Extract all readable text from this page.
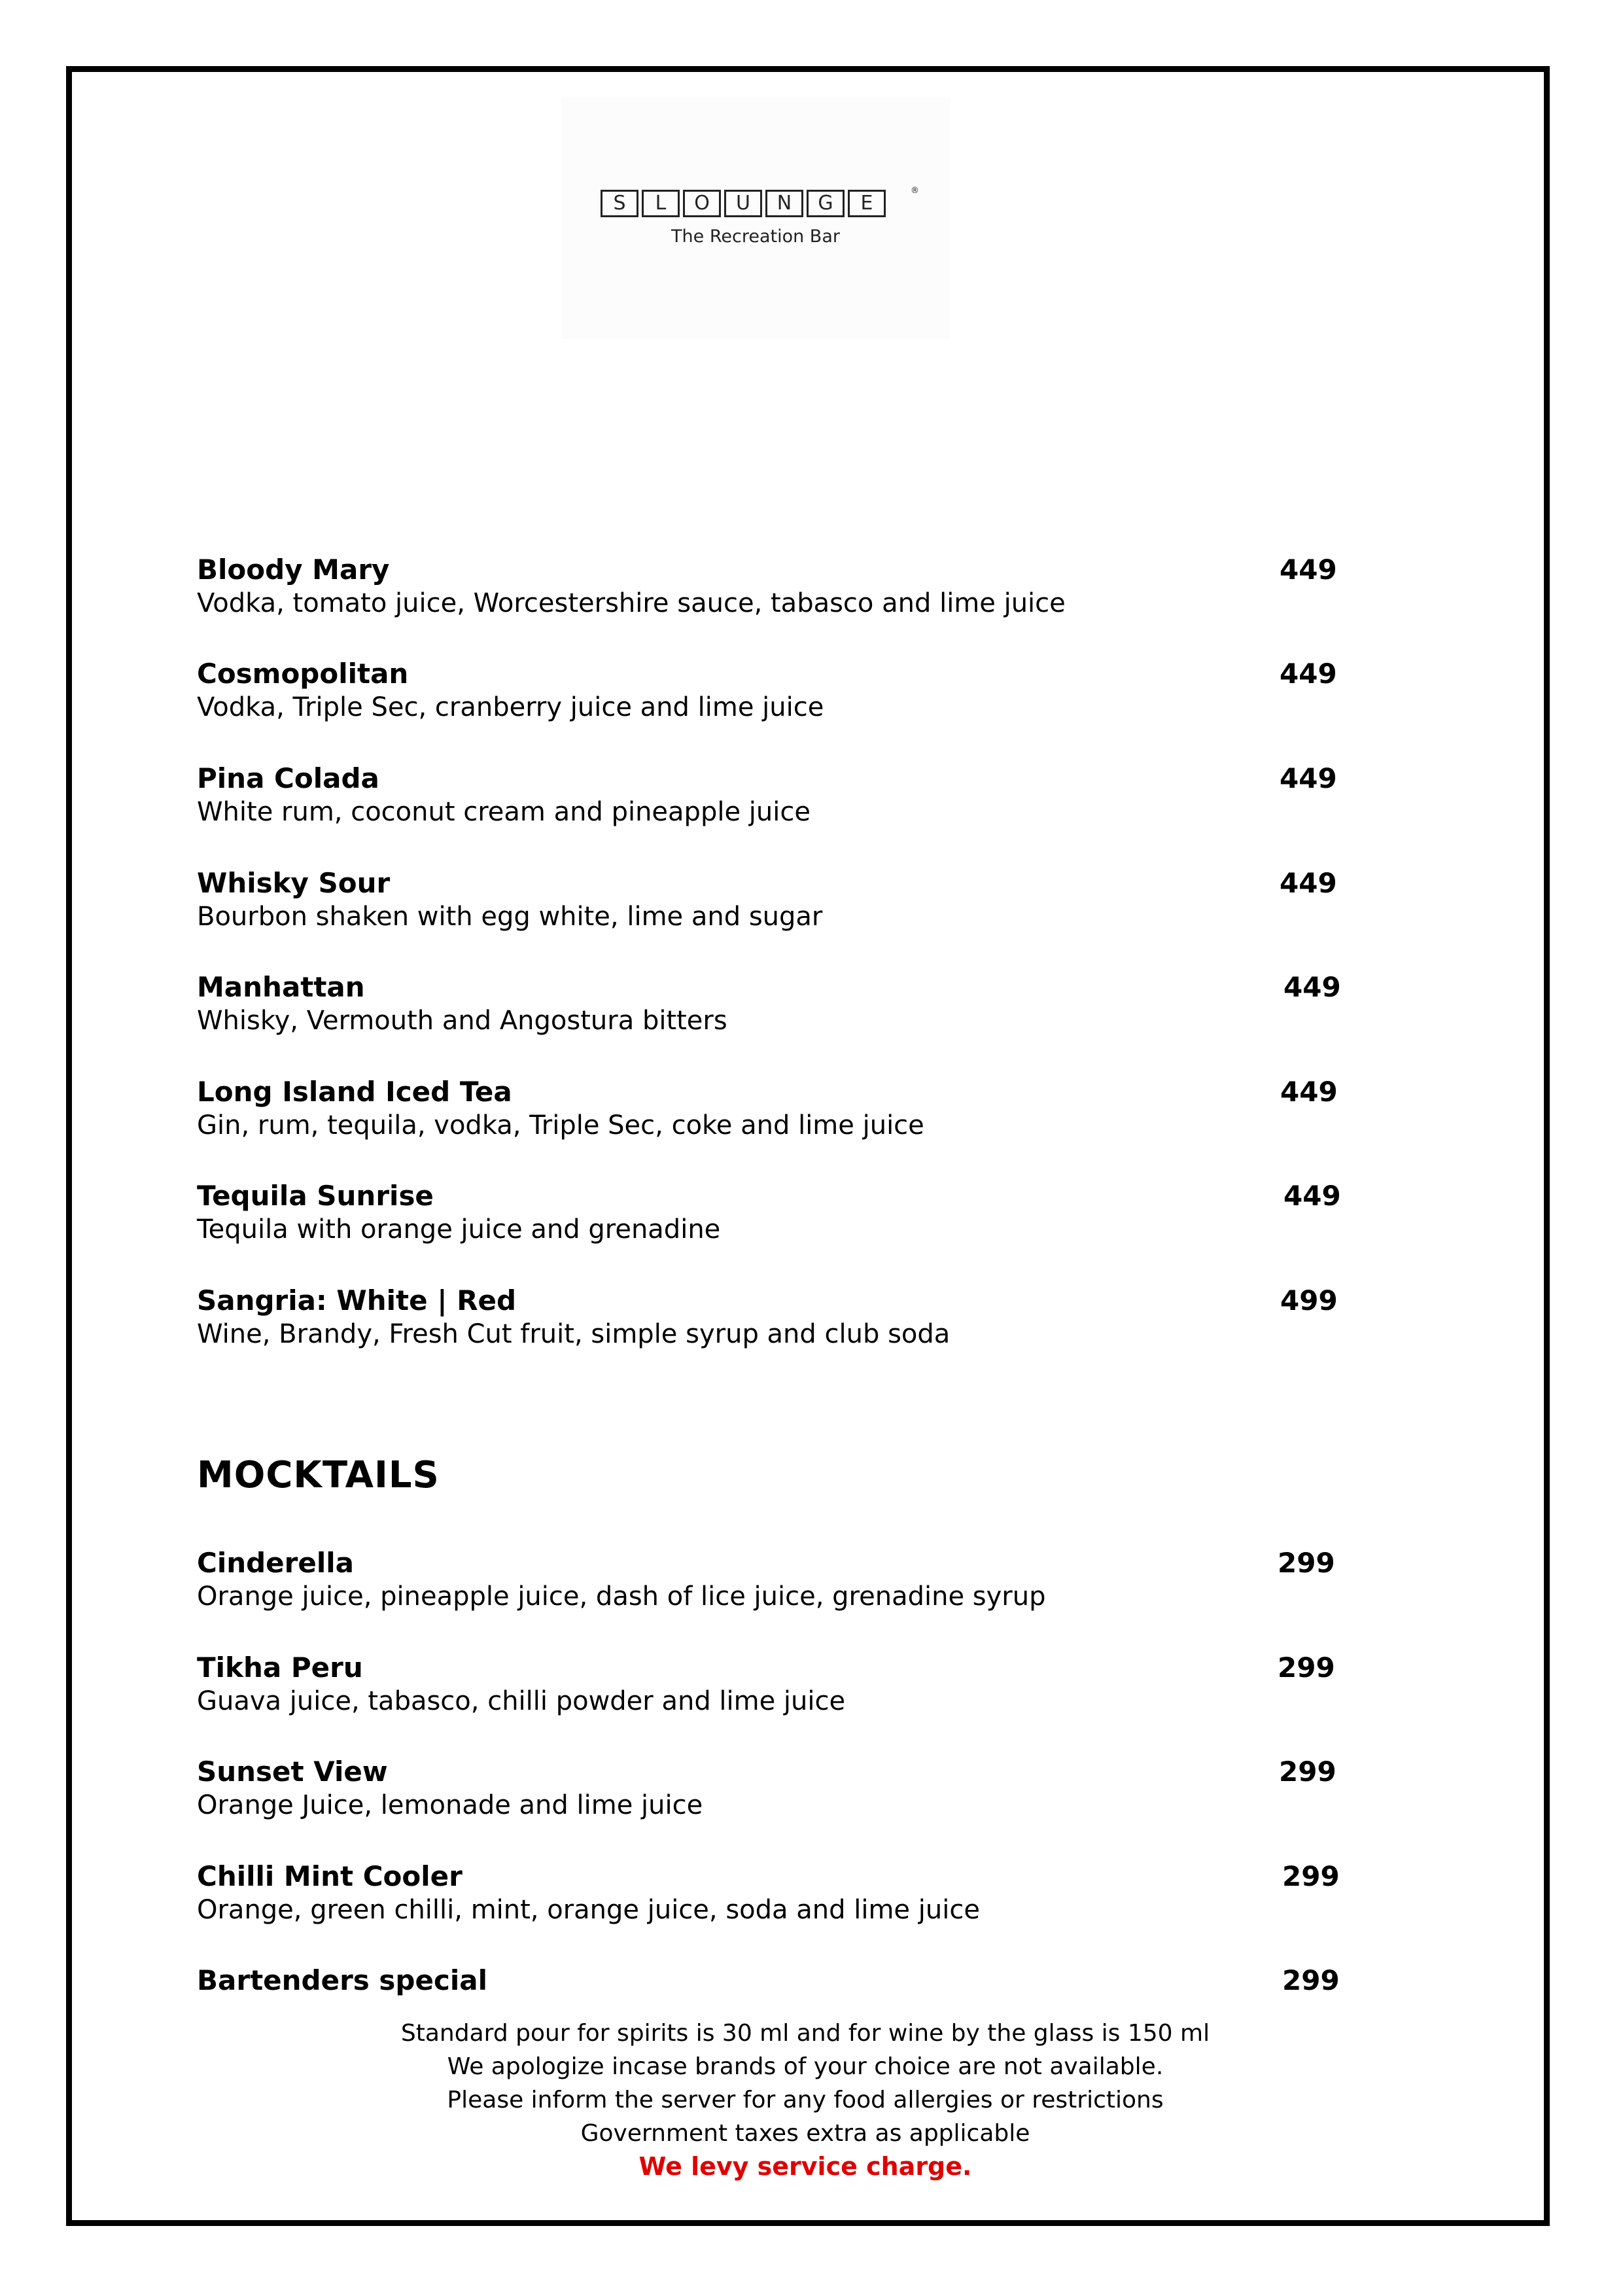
S	L	O	U	N	G	E
®
The Recreation Bar
Bloody Mary	449
Vodka, tomato juice, Worcestershire sauce, tabasco and lime juice
Cosmopolitan	449
Vodka, Triple Sec, cranberry juice and lime juice
Pina Colada	449
White rum, coconut cream and pineapple juice
Whisky Sour	449
Bourbon shaken with egg white, lime and sugar
Manhattan	449
Whisky, Vermouth and Angostura bitters
Long Island Iced Tea	449
Gin, rum, tequila, vodka, Triple Sec, coke and lime juice
Tequila Sunrise	449
Tequila with orange juice and grenadine
Sangria: White | Red	499
Wine, Brandy, Fresh Cut fruit, simple syrup and club soda
MOCKTAILS
Cinderella	299
Orange juice, pineapple juice, dash of lice juice, grenadine syrup
Tikha Peru	299
Guava juice, tabasco, chilli powder and lime juice
Sunset View	299
Orange Juice, lemonade and lime juice
Chilli Mint Cooler	299
Orange, green chilli, mint, orange juice, soda and lime juice
Bartenders special	299
Standard pour for spirits is 30 ml and for wine by the glass is 150 ml
We apologize incase brands of your choice are not available.
Please inform the server for any food allergies or restrictions
Government taxes extra as applicable
We levy service charge.
